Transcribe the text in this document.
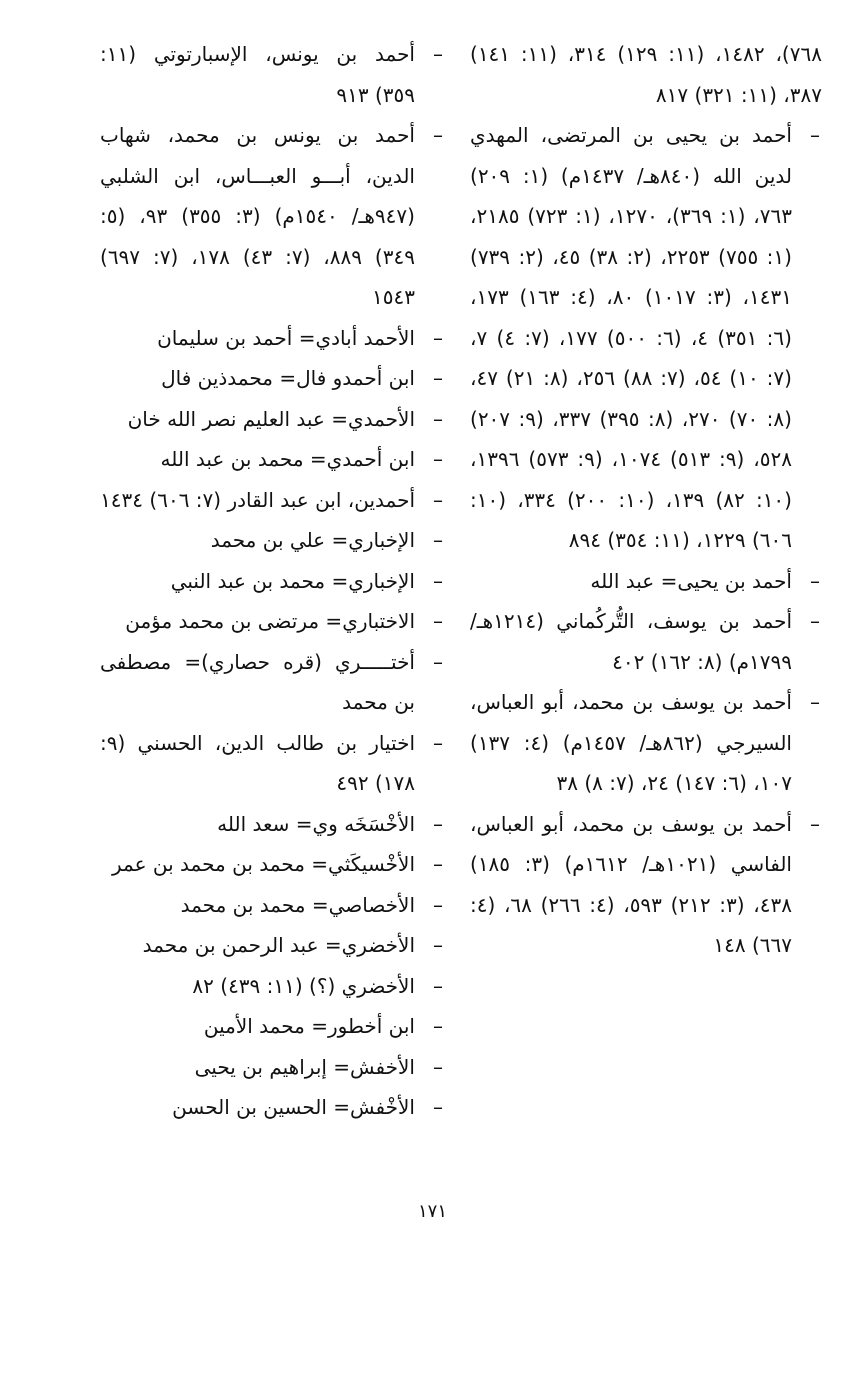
٧٦٨)، ١٤٨٢، (١١: ١٢٩) ٣١٤، (١١: ١٤١) ٣٨٧، (١١: ٣٢١) ٨١٧

–
أحمد بن يحيى بن المرتضى، المهدي لدين الله (٨٤٠هـ/ ١٤٣٧م) (١: ٢٠٩) ٧٦٣، (١: ٣٦٩)، ١٢٧٠، (١: ٧٢٣) ٢١٨٥، (١: ٧٥٥) ٢٢٥٣، (٢: ٣٨) ٤٥، (٢: ٧٣٩) ١٤٣١، (٣: ١٠١٧) ٨٠، (٤: ١٦٣) ١٧٣، (٦: ٣٥١) ٤، (٦: ٥٠٠) ١٧٧، (٧: ٤) ٧، (٧: ١٠) ٥٤، (٧: ٨٨) ٢٥٦، (٨: ٢١) ٤٧، (٨: ٧٠) ٢٧٠، (٨: ٣٩٥) ٣٣٧، (٩: ٢٠٧) ٥٢٨، (٩: ٥١٣) ١٠٧٤، (٩: ٥٧٣) ١٣٩٦، (١٠: ٨٢) ١٣٩، (١٠: ٢٠٠) ٣٣٤، (١٠: ٦٠٦) ١٢٢٩، (١١: ٣٥٤) ٨٩٤

–
أحمد بن يحيى= عبد الله

–
أحمد بن يوسف، التُّركُماني (١٢١٤هـ/ ١٧٩٩م) (٨: ١٦٢) ٤٠٢

–
أحمد بن يوسف بن محمد، أبو العباس، السيرجي (٨٦٢هـ/ ١٤٥٧م) (٤: ١٣٧) ١٠٧، (٦: ١٤٧) ٢٤، (٧: ٨) ٣٨

–
أحمد بن يوسف بن محمد، أبو العباس، الفاسي (١٠٢١هـ/ ١٦١٢م) (٣: ١٨٥) ٤٣٨، (٣: ٢١٢) ٥٩٣، (٤: ٢٦٦) ٦٨، (٤: ٦٦٧) ١٤٨

–
أحمد بن يونس، الإسبارتوتي (١١: ٣٥٩) ٩١٣

–
أحمد بن يونس بن محمد، شهاب الدين، أبـــو العبـــاس، ابن الشلبي (٩٤٧هـ/ ١٥٤٠م) (٣: ٣٥٥) ٩٣، (٥: ٣٤٩) ٨٨٩، (٧: ٤٣) ١٧٨، (٧: ٦٩٧) ١٥٤٣

–
الأحمد أبادي= أحمد بن سليمان

–
ابن أحمدو فال= محمدذين فال

–
الأحمدي= عبد العليم نصر الله خان

–
ابن أحمدي= محمد بن عبد الله

–
أحمدين، ابن عبد القادر (٧: ٦٠٦) ١٤٣٤

–
الإخباري= علي بن محمد

–
الإخباري= محمد بن عبد النبي

–
الاختباري= مرتضى بن محمد مؤمن

–
أختـــــري (قره حصاري)= مصطفى بن محمد

–
اختيار بن طالب الدين، الحسني (٩: ١٧٨) ٤٩٢

–
الأخْسَخَه وي= سعد الله

–
الأخْسيكَثي= محمد بن محمد بن عمر

–
الأخصاصي= محمد بن محمد

–
الأخضري= عبد الرحمن بن محمد

–
الأخضري (؟) (١١: ٤٣٩) ٨٢

–
ابن أخطور= محمد الأمين

–
الأخفش= إبراهيم بن يحيى

–
الأخْفش= الحسين بن الحسن

١٧١
